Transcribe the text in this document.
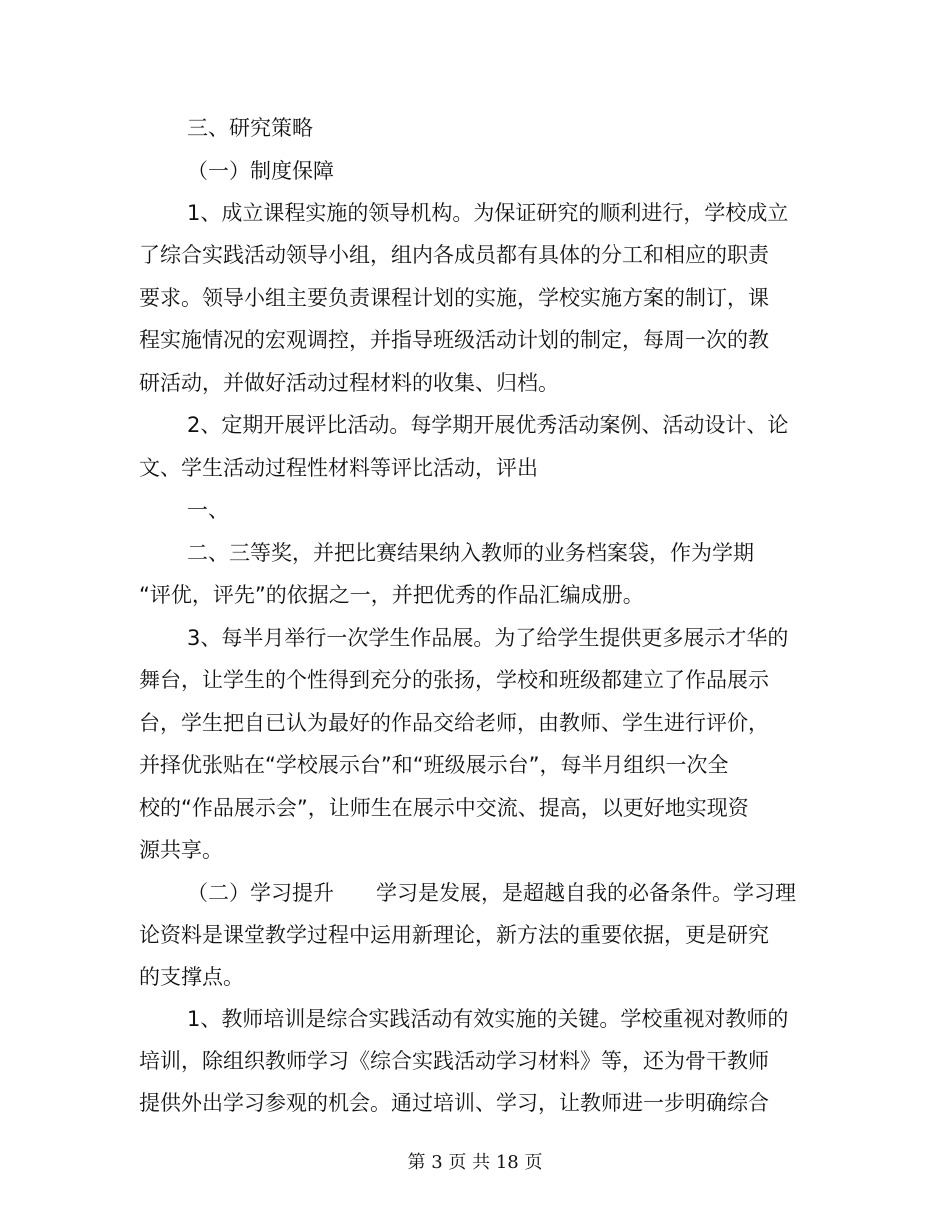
三、研究策略
（一）制度保障
1、成立课程实施的领导机构。为保证研究的顺利进行，学校成立
了综合实践活动领导小组，组内各成员都有具体的分工和相应的职责
要求。领导小组主要负责课程计划的实施，学校实施方案的制订，课
程实施情况的宏观调控，并指导班级活动计划的制定，每周一次的教
研活动，并做好活动过程材料的收集、归档。
2、定期开展评比活动。每学期开展优秀活动案例、活动设计、论
文、学生活动过程性材料等评比活动，评出
一、
二、三等奖，并把比赛结果纳入教师的业务档案袋，作为学期
“评优，评先”的依据之一，并把优秀的作品汇编成册。
3、每半月举行一次学生作品展。为了给学生提供更多展示才华的
舞台，让学生的个性得到充分的张扬，学校和班级都建立了作品展示
台，学生把自已认为最好的作品交给老师，由教师、学生进行评价，
并择优张贴在“学校展示台”和“班级展示台”，每半月组织一次全
校的“作品展示会”，让师生在展示中交流、提高，以更好地实现资
源共享。
（二）学习提升　　学习是发展，是超越自我的必备条件。学习理
论资料是课堂教学过程中运用新理论，新方法的重要依据，更是研究
的支撑点。
1、教师培训是综合实践活动有效实施的关键。学校重视对教师的
培训，除组织教师学习《综合实践活动学习材料》等，还为骨干教师
提供外出学习参观的机会。通过培训、学习，让教师进一步明确综合
第 3 页 共 18 页
